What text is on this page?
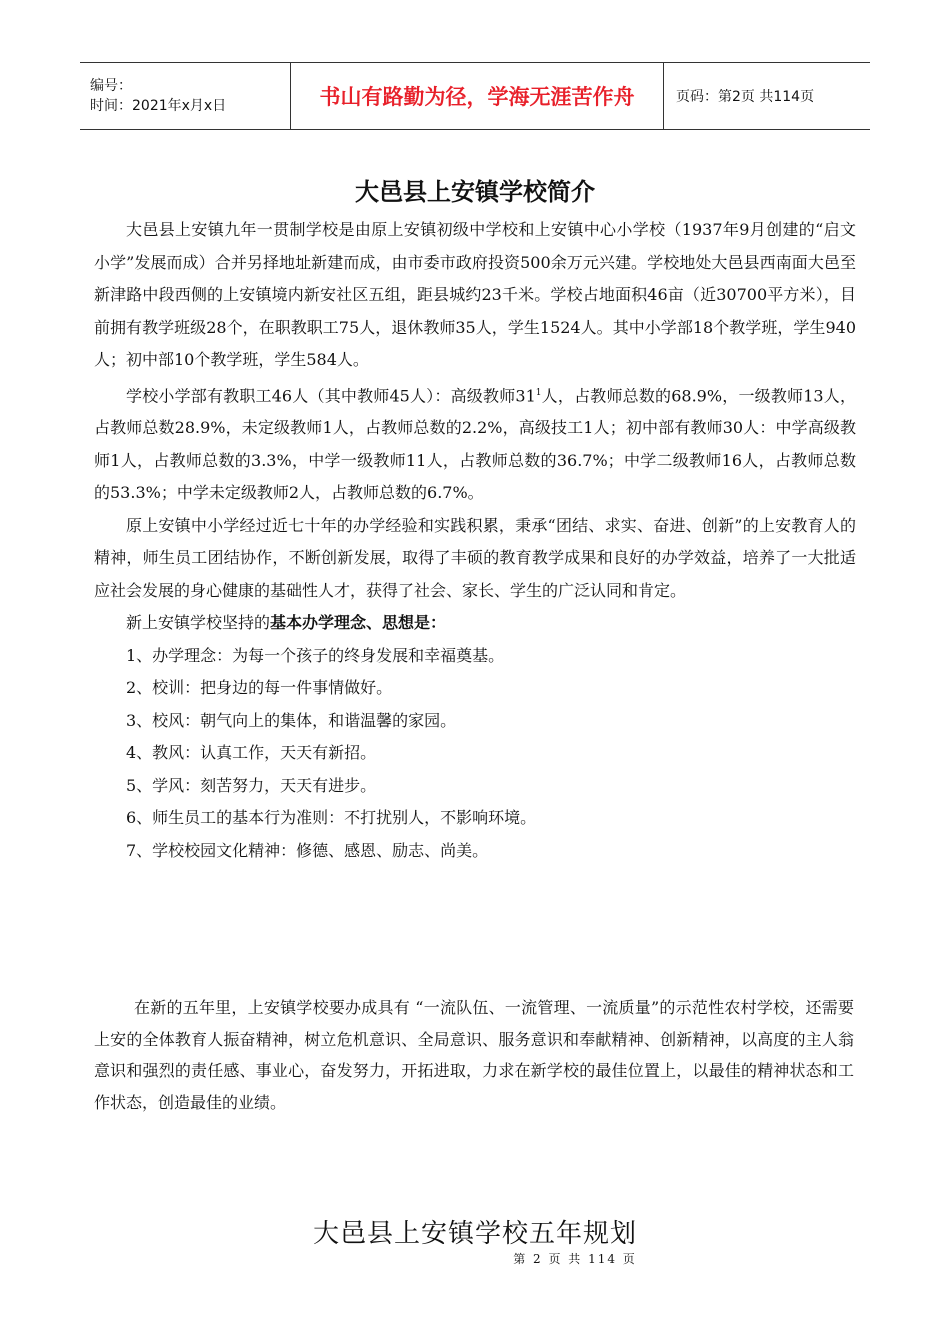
编号：
时间：2021年x月x日	书山有路勤为径，学海无涯苦作舟	页码：第2页 共114页
大邑县上安镇学校简介

大邑县上安镇九年一贯制学校是由原上安镇初级中学校和上安镇中心小学校（1937年9月创建的“启文小学”发展而成）合并另择地址新建而成，由市委市政府投资500余万元兴建。学校地处大邑县西南面大邑至新津路中段西侧的上安镇境内新安社区五组，距县城约23千米。学校占地面积46亩（近30700平方米），目前拥有教学班级28个，在职教职工75人，退休教师35人，学生1524人。其中小学部18个教学班，学生940人；初中部10个教学班，学生584人。

学校小学部有教职工46人（其中教师45人）：高级教师$31^1$人，占教师总数的68.9%，一级教师13人，占教师总数28.9%，未定级教师1人，占教师总数的2.2%，高级技工1人；初中部有教师30人：中学高级教师1人，占教师总数的3.3%，中学一级教师11人，占教师总数的36.7%；中学二级教师16人，占教师总数的53.3%；中学未定级教师2人，占教师总数的6.7%。

原上安镇中小学经过近七十年的办学经验和实践积累，秉承“团结、求实、奋进、创新”的上安教育人的精神，师生员工团结协作，不断创新发展，取得了丰硕的教育教学成果和良好的办学效益，培养了一大批适应社会发展的身心健康的基础性人才，获得了社会、家长、学生的广泛认同和肯定。

新上安镇学校坚持的基本办学理念、思想是：

1、办学理念：为每一个孩子的终身发展和幸福奠基。

2、校训：把身边的每一件事情做好。

3、校风：朝气向上的集体，和谐温馨的家园。

4、教风：认真工作，天天有新招。

5、学风：刻苦努力，天天有进步。

6、师生员工的基本行为准则：不打扰别人，不影响环境。

7、学校校园文化精神：修德、感恩、励志、尚美。

在新的五年里，上安镇学校要办成具有 “一流队伍、一流管理、一流质量”的示范性农村学校，还需要上安的全体教育人振奋精神，树立危机意识、全局意识、服务意识和奉献精神、创新精神，以高度的主人翁意识和强烈的责任感、事业心，奋发努力，开拓进取，力求在新学校的最佳位置上，以最佳的精神状态和工作状态，创造最佳的业绩。

大邑县上安镇学校五年规划
第 2 页 共 114 页
